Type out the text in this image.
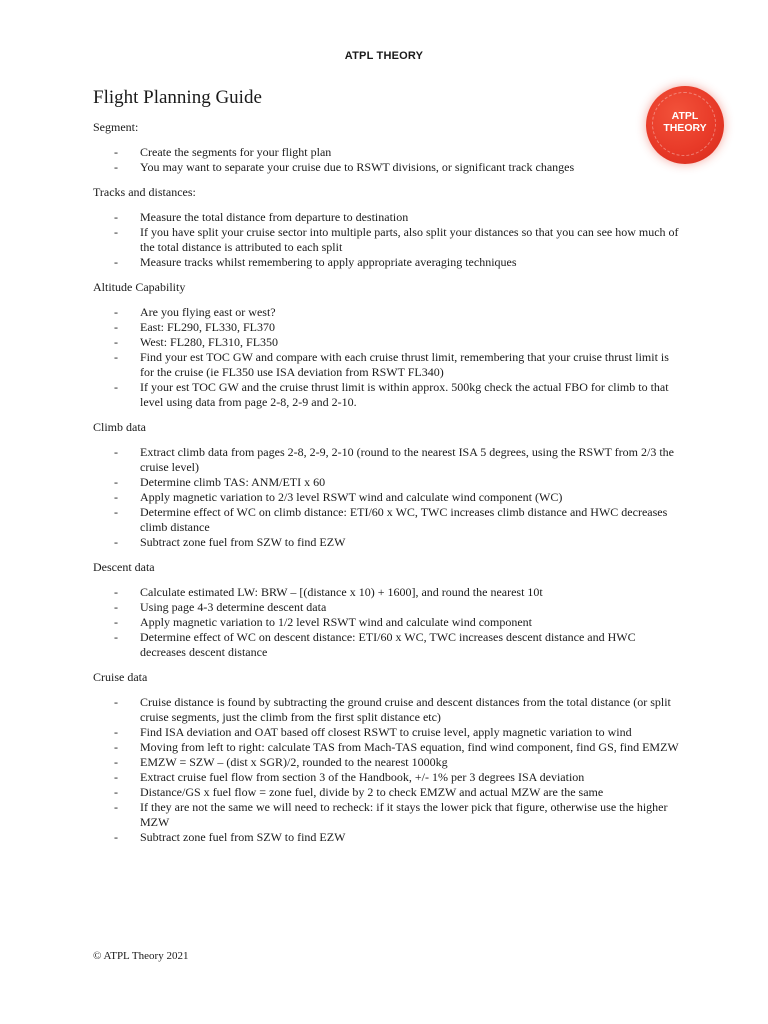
ATPL THEORY
ATPL
THEORY
Flight Planning Guide
Segment:
- Create the segments for your flight plan
- You may want to separate your cruise due to RSWT divisions, or significant track changes
Tracks and distances:
- Measure the total distance from departure to destination
- If you have split your cruise sector into multiple parts, also split your distances so that you can see how much of the total distance is attributed to each split
- Measure tracks whilst remembering to apply appropriate averaging techniques
Altitude Capability
- Are you flying east or west?
- East: FL290, FL330, FL370
- West: FL280, FL310, FL350
- Find your est TOC GW and compare with each cruise thrust limit, remembering that your cruise thrust limit is for the cruise (ie FL350 use ISA deviation from RSWT FL340)
- If your est TOC GW and the cruise thrust limit is within approx. 500kg check the actual FBO for climb to that level using data from page 2-8, 2-9 and 2-10.
Climb data
- Extract climb data from pages 2-8, 2-9, 2-10 (round to the nearest ISA 5 degrees, using the RSWT from 2/3 the cruise level)
- Determine climb TAS: ANM/ETI x 60
- Apply magnetic variation to 2/3 level RSWT wind and calculate wind component (WC)
- Determine effect of WC on climb distance: ETI/60 x WC, TWC increases climb distance and HWC decreases climb distance
- Subtract zone fuel from SZW to find EZW
Descent data
- Calculate estimated LW: BRW – [(distance x 10) + 1600], and round the nearest 10t
- Using page 4-3 determine descent data
- Apply magnetic variation to 1/2 level RSWT wind and calculate wind component
- Determine effect of WC on descent distance: ETI/60 x WC, TWC increases descent distance and HWC decreases descent distance
Cruise data
- Cruise distance is found by subtracting the ground cruise and descent distances from the total distance (or split cruise segments, just the climb from the first split distance etc)
- Find ISA deviation and OAT based off closest RSWT to cruise level, apply magnetic variation to wind
- Moving from left to right: calculate TAS from Mach-TAS equation, find wind component, find GS, find EMZW
- EMZW = SZW – (dist x SGR)/2, rounded to the nearest 1000kg
- Extract cruise fuel flow from section 3 of the Handbook, +/- 1% per 3 degrees ISA deviation
- Distance/GS x fuel flow = zone fuel, divide by 2 to check EMZW and actual MZW are the same
- If they are not the same we will need to recheck: if it stays the lower pick that figure, otherwise use the higher MZW
- Subtract zone fuel from SZW to find EZW
© ATPL Theory 2021
